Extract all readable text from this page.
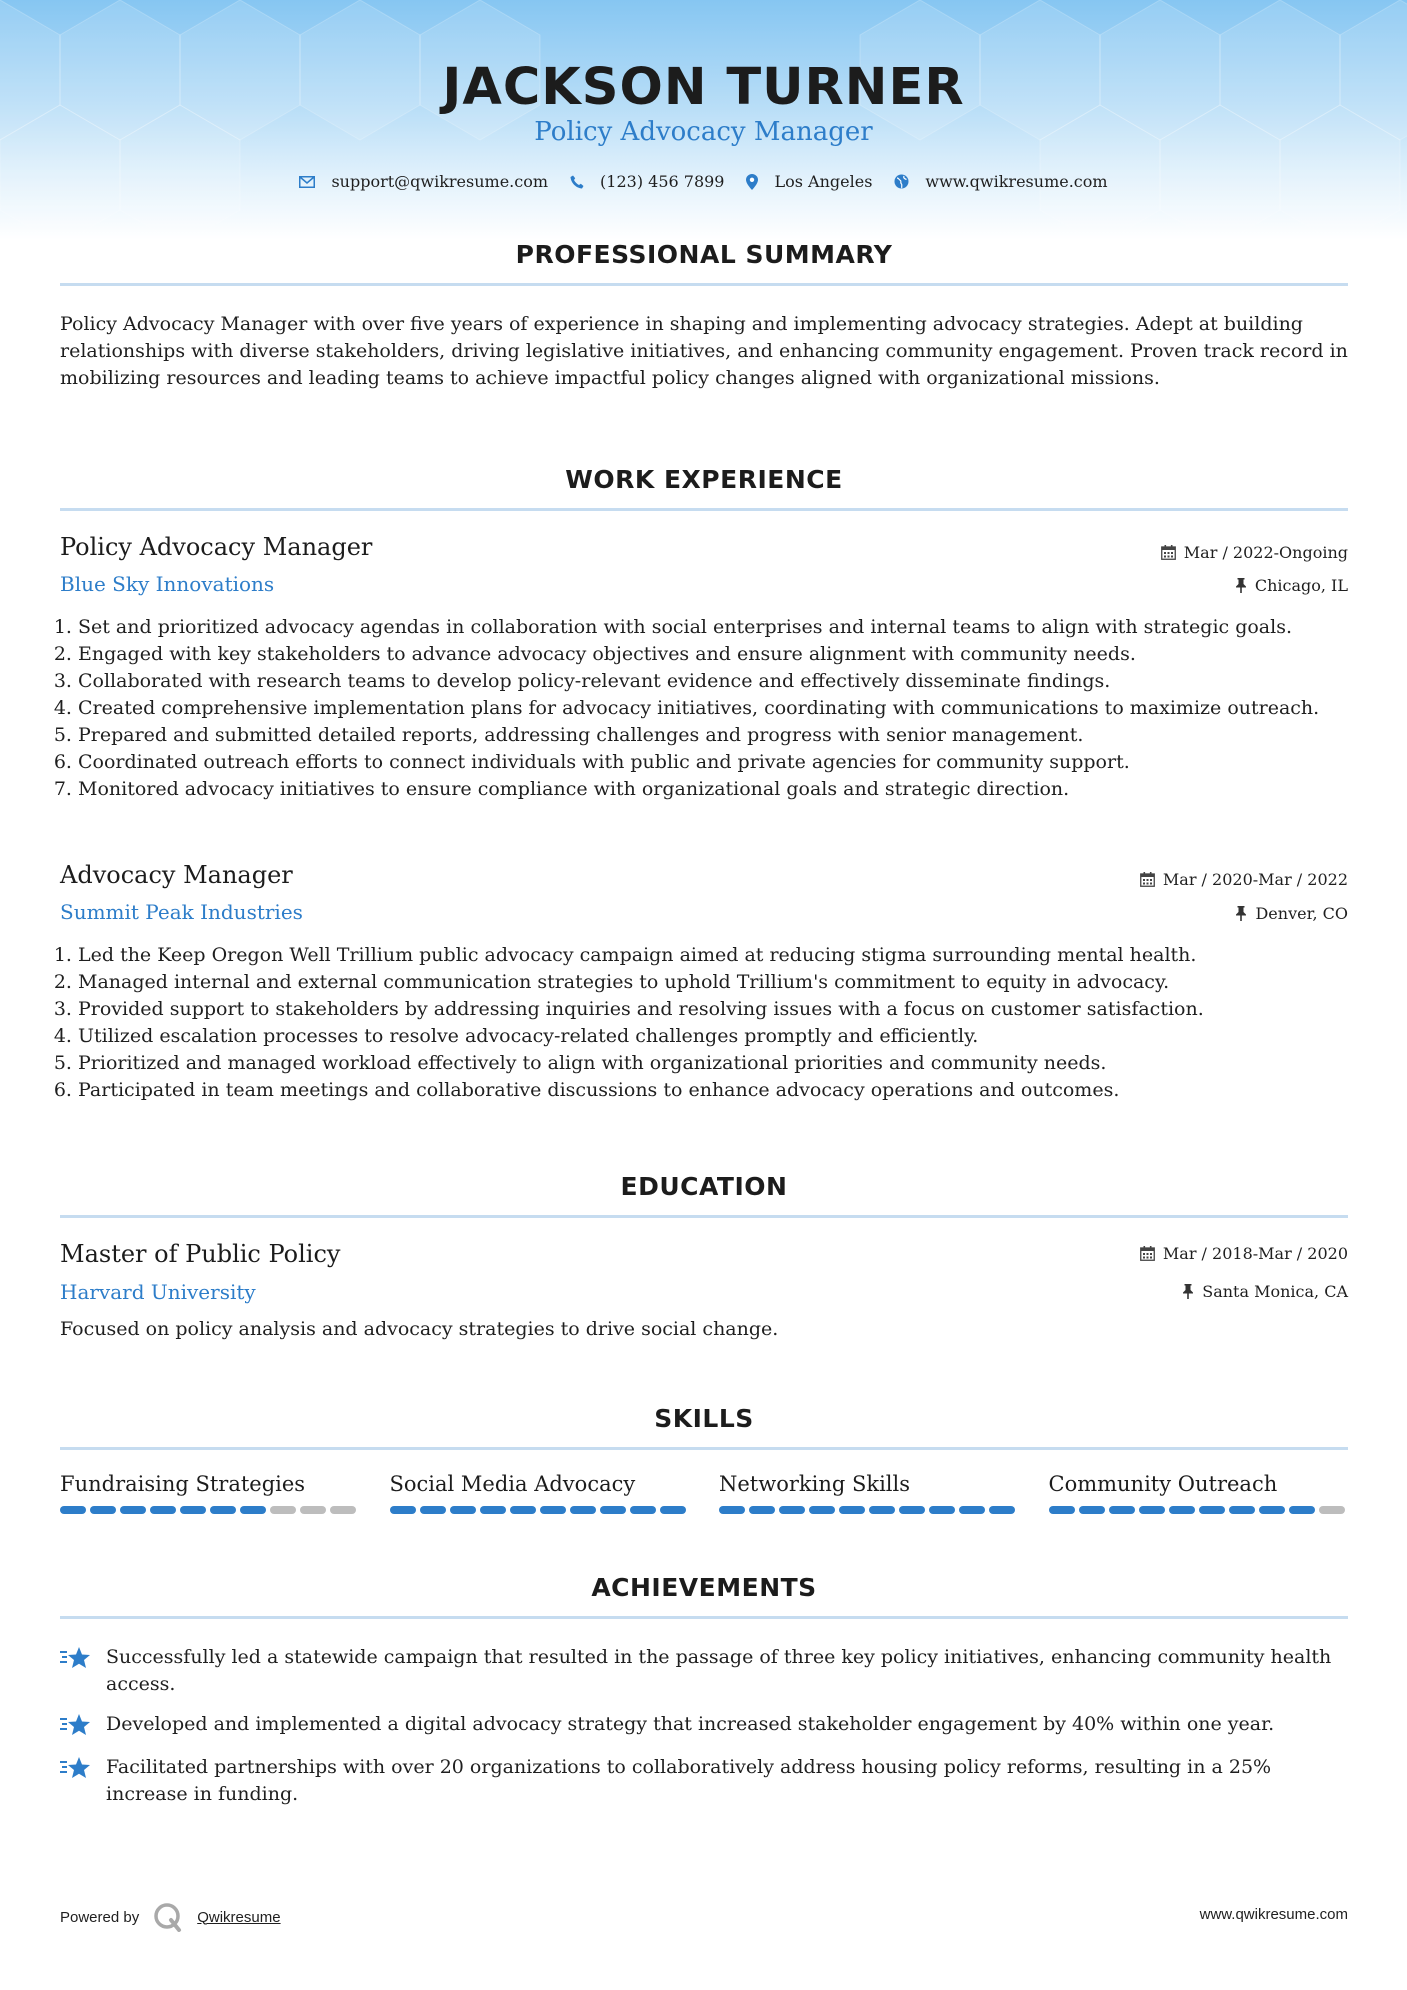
JACKSON TURNER
Policy Advocacy Manager
support@qwikresume.com	(123) 456 7899	Los Angeles	www.qwikresume.com
PROFESSIONAL SUMMARY
Policy Advocacy Manager with over five years of experience in shaping and implementing advocacy strategies. Adept at building relationships with diverse stakeholders, driving legislative initiatives, and enhancing community engagement. Proven track record in mobilizing resources and leading teams to achieve impactful policy changes aligned with organizational missions.
WORK EXPERIENCE
Policy Advocacy Manager	Mar / 2022-Ongoing
Blue Sky Innovations	Chicago, IL
1. Set and prioritized advocacy agendas in collaboration with social enterprises and internal teams to align with strategic goals.
2. Engaged with key stakeholders to advance advocacy objectives and ensure alignment with community needs.
3. Collaborated with research teams to develop policy-relevant evidence and effectively disseminate findings.
4. Created comprehensive implementation plans for advocacy initiatives, coordinating with communications to maximize outreach.
5. Prepared and submitted detailed reports, addressing challenges and progress with senior management.
6. Coordinated outreach efforts to connect individuals with public and private agencies for community support.
7. Monitored advocacy initiatives to ensure compliance with organizational goals and strategic direction.
Advocacy Manager	Mar / 2020-Mar / 2022
Summit Peak Industries	Denver, CO
1. Led the Keep Oregon Well Trillium public advocacy campaign aimed at reducing stigma surrounding mental health.
2. Managed internal and external communication strategies to uphold Trillium's commitment to equity in advocacy.
3. Provided support to stakeholders by addressing inquiries and resolving issues with a focus on customer satisfaction.
4. Utilized escalation processes to resolve advocacy-related challenges promptly and efficiently.
5. Prioritized and managed workload effectively to align with organizational priorities and community needs.
6. Participated in team meetings and collaborative discussions to enhance advocacy operations and outcomes.
EDUCATION
Master of Public Policy	Mar / 2018-Mar / 2020
Harvard University	Santa Monica, CA
Focused on policy analysis and advocacy strategies to drive social change.
SKILLS
Fundraising Strategies	Social Media Advocacy	Networking Skills	Community Outreach
ACHIEVEMENTS
Successfully led a statewide campaign that resulted in the passage of three key policy initiatives, enhancing community health access.
Developed and implemented a digital advocacy strategy that increased stakeholder engagement by 40% within one year.
Facilitated partnerships with over 20 organizations to collaboratively address housing policy reforms, resulting in a 25% increase in funding.
Powered by	Qwikresume	www.qwikresume.com
